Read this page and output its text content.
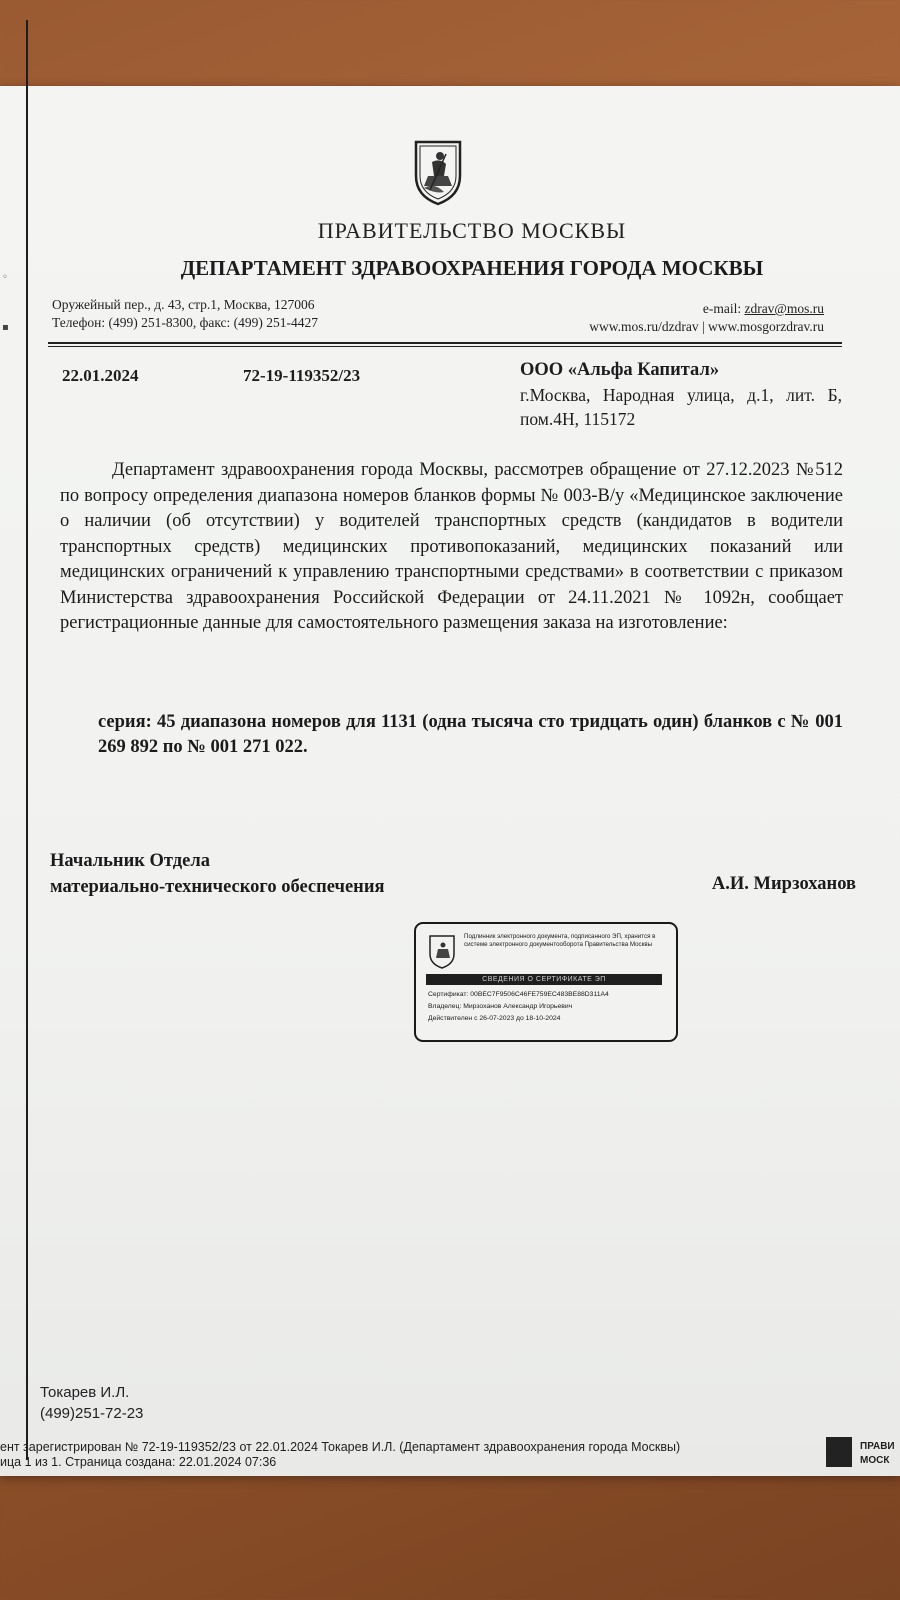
◦
▪
ПРАВИТЕЛЬСТВО МОСКВЫ
ДЕПАРТАМЕНТ ЗДРАВООХРАНЕНИЯ ГОРОДА МОСКВЫ
Оружейный пер., д. 43, стр.1, Москва, 127006
Телефон: (499) 251-8300, факс: (499) 251-4427
e-mail: zdrav@mos.ru
www.mos.ru/dzdrav | www.mosgorzdrav.ru
22.01.2024	72-19-119352/23	ООО «Альфа Капитал»
г.Москва, Народная улица, д.1, лит. Б, пом.4Н, 115172
Департамент здравоохранения города Москвы, рассмотрев обращение от 27.12.2023 №512 по вопросу определения диапазона номеров бланков формы № 003-В/у «Медицинское заключение о наличии (об отсутствии) у водителей транспортных средств (кандидатов в водители транспортных средств) медицинских противопоказаний, медицинских показаний или медицинских ограничений к управлению транспортными средствами» в соответствии с приказом Министерства здравоохранения Российской Федерации от 24.11.2021 № 1092н, сообщает регистрационные данные для самостоятельного размещения заказа на изготовление:
серия: 45 диапазона номеров для 1131 (одна тысяча сто тридцать один) бланков с № 001 269 892 по № 001 271 022.
Начальник Отдела
материально-технического обеспечения	А.И. Мирзоханов
Подлинник электронного документа, подписанного ЭП, хранится в системе электронного документооборота Правительства Москвы
СВЕДЕНИЯ О СЕРТИФИКАТЕ ЭП
Сертификат: 00BEC7F9506C46FE759EC483BE88D311A4
Владелец: Мирзоханов Александр Игорьевич
Действителен с 26-07-2023 до 18-10-2024
Токарев И.Л.
(499)251-72-23
ент зарегистрирован № 72-19-119352/23 от 22.01.2024 Токарев И.Л. (Департамент здравоохранения города Москвы)
ица 1 из 1. Страница создана: 22.01.2024 07:36
ПРАВИ
МОСК
